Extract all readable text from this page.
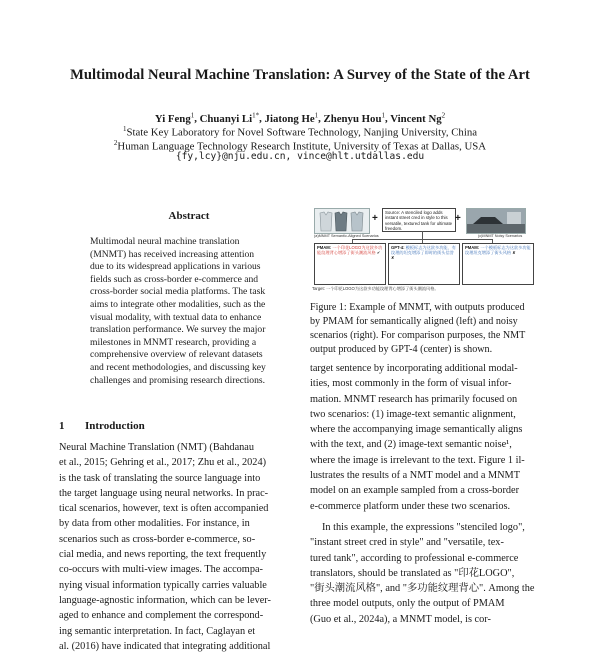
Multimodal Neural Machine Translation: A Survey of the State of the Art
Yi Feng$^1$, Chuanyi $Li^{1*}$, Jiatong He$^1$, Zhenyu Hou$^1$, Vincent Ng$^2$
$^1$State Key Laboratory for Novel Software Technology, Nanjing University, China
$^2$Human Language Technology Research Institute, University of Texas at Dallas, USA
{fy,lcy}@nju.edu.cn, vince@hlt.utdallas.edu
Abstract
Multimodal neural machine translation
(MNMT) has received increasing attention
due to its widespread applications in various
fields such as cross-border e-commerce and
cross-border social media platforms. The task
aims to integrate other modalities, such as the
visual modality, with textual data to enhance
translation performance. We survey the major
milestones in MNMT research, providing a
comprehensive overview of relevant datasets
and recent methodologies, and discussing key
challenges and promising research directions.
1 Introduction
Neural Machine Translation (NMT) (Bahdanau
et al., 2015; Gehring et al., 2017; Zhu et al., 2024)
is the task of translating the source language into
the target language using neural networks. In prac-
tical scenarios, however, text is often accompanied
by data from other modalities. For instance, in
scenarios such as cross-border e-commerce, so-
cial media, and news reporting, the text frequently
co-occurs with multi-view images. The accompa-
nying visual information typically carries valuable
language-agnostic information, which can be lever-
aged to enhance and complement the correspond-
ing semantic interpretation. In fact, Caglayan et
al. (2016) have indicated that integrating additional
+
Source: A stenciled logo adds instant street cred in style to this versatile, textured tank for ultimate freedom.
+
(a)MNMT Semantic-Aligned Scenarios	(c)MNMT Noisy Scenarios
PMAM: 一个印花LOGO为这款多功能纹理背心增添了街头潮流风格 ✔
GPT-4: 模板标志为这款多功能、有纹理的坦克增添了即时的街头信誉 ✘
PMAM: 一个模板标志为这款多功能纹理坦克增添了街头风格 ✘
Target: 一个印花LOGO为这款多功能纹理背心增添了街头潮流风格。
Figure 1: Example of MNMT, with outputs produced
by PMAM for semantically aligned (left) and noisy
scenarios (right). For comparison purposes, the NMT
output produced by GPT-4 (center) is shown.
target sentence by incorporating additional modal-
ities, most commonly in the form of visual infor-
mation. MNMT research has primarily focused on
two scenarios: (1) image-text semantic alignment,
where the accompanying image semantically aligns
with the text, and (2) image-text semantic noise¹,
where the image is irrelevant to the text. Figure 1 il-
lustrates the results of a NMT model and a MNMT
model on an example sampled from a cross-border
e-commerce platform under these two scenarios.
In this example, the expressions "stenciled logo",
"instant street cred in style" and "versatile, tex-
tured tank", according to professional e-commerce
translators, should be translated as "印花LOGO",
"街头潮流风格", and "多功能纹理背心". Among the
three model outputs, only the output of PMAM
(Guo et al., 2024a), a MNMT model, is cor-
